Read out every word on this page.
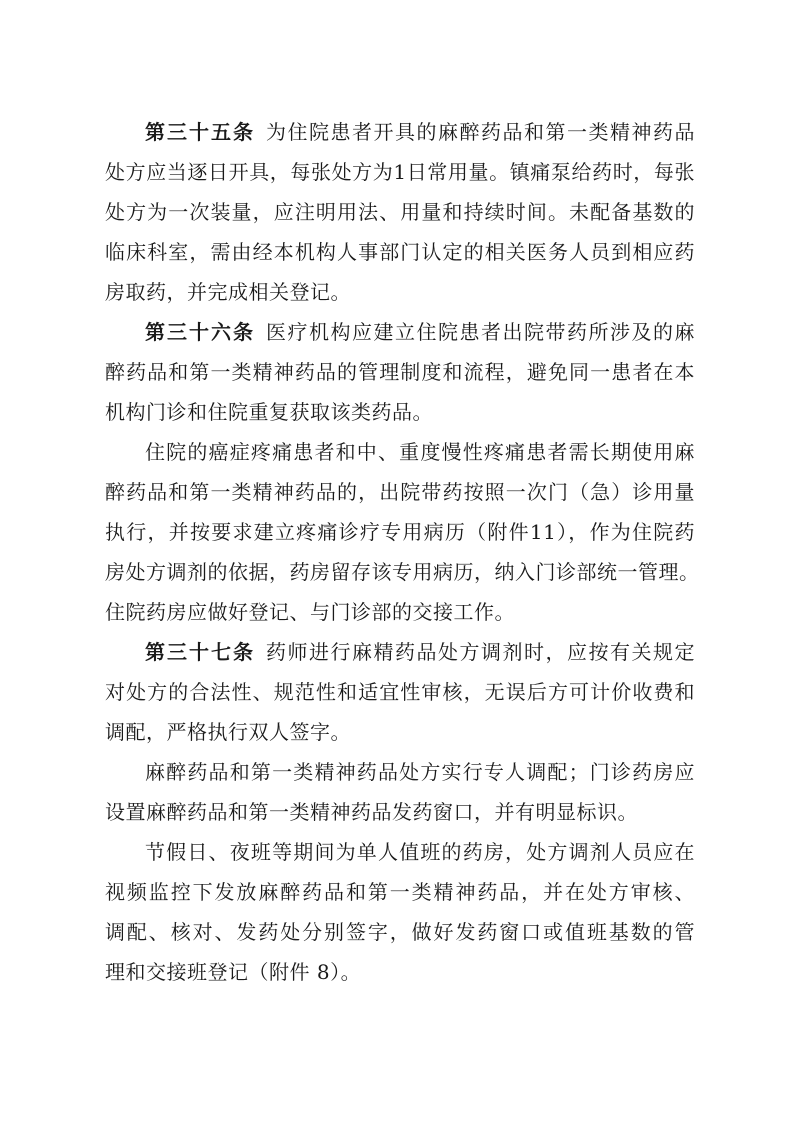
第三十五条 为住院患者开具的麻醉药品和第一类精神药品
处方应当逐日开具，每张处方为1日常用量。镇痛泵给药时，每张
处方为一次装量，应注明用法、用量和持续时间。未配备基数的
临床科室，需由经本机构人事部门认定的相关医务人员到相应药
房取药，并完成相关登记。
第三十六条 医疗机构应建立住院患者出院带药所涉及的麻
醉药品和第一类精神药品的管理制度和流程，避免同一患者在本
机构门诊和住院重复获取该类药品。
住院的癌症疼痛患者和中、重度慢性疼痛患者需长期使用麻
醉药品和第一类精神药品的，出院带药按照一次门（急）诊用量
执行，并按要求建立疼痛诊疗专用病历（附件11），作为住院药
房处方调剂的依据，药房留存该专用病历，纳入门诊部统一管理。
住院药房应做好登记、与门诊部的交接工作。
第三十七条 药师进行麻精药品处方调剂时，应按有关规定
对处方的合法性、规范性和适宜性审核，无误后方可计价收费和
调配，严格执行双人签字。
麻醉药品和第一类精神药品处方实行专人调配；门诊药房应
设置麻醉药品和第一类精神药品发药窗口，并有明显标识。
节假日、夜班等期间为单人值班的药房，处方调剂人员应在
视频监控下发放麻醉药品和第一类精神药品，并在处方审核、
调配、核对、发药处分别签字，做好发药窗口或值班基数的管
理和交接班登记（附件 8）。
